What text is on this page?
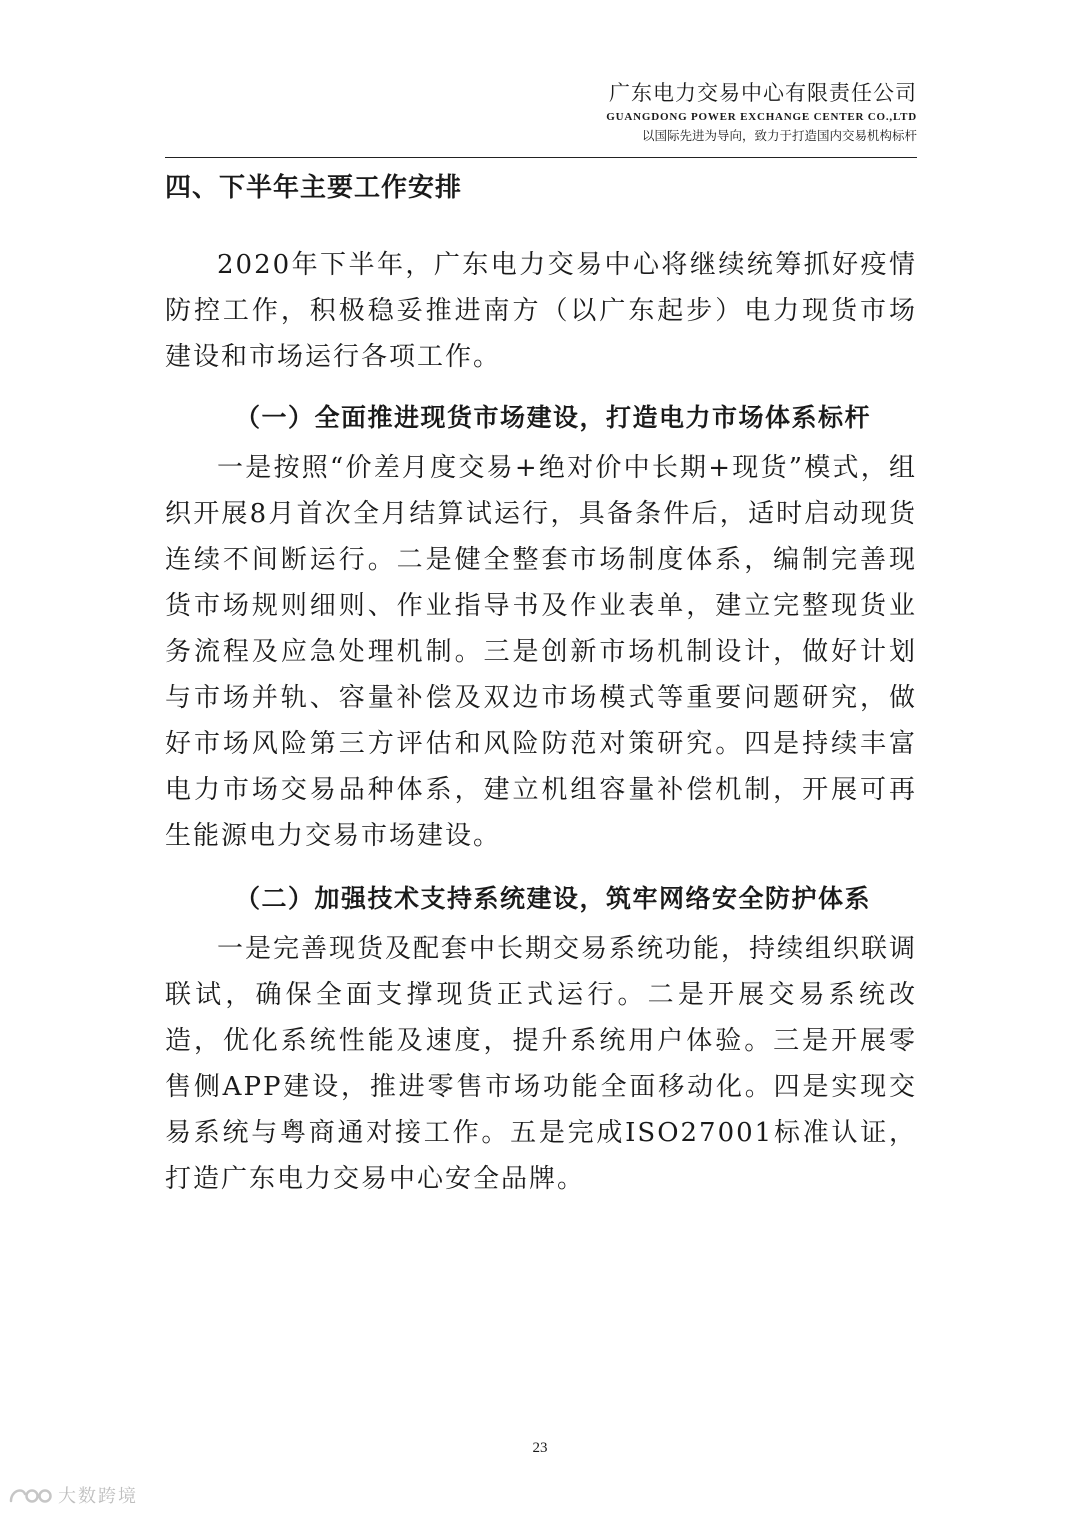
广东电力交易中心有限责任公司
GUANGDONG POWER EXCHANGE CENTER CO.,LTD
以国际先进为导向，致力于打造国内交易机构标杆
四、下半年主要工作安排

2020年下半年，广东电力交易中心将继续统筹抓好疫情防控工作，积极稳妥推进南方（以广东起步）电力现货市场建设和市场运行各项工作。

（一）全面推进现货市场建设，打造电力市场体系标杆

一是按照“价差月度交易+绝对价中长期+现货”模式，组织开展8月首次全月结算试运行，具备条件后，适时启动现货连续不间断运行。二是健全整套市场制度体系，编制完善现货市场规则细则、作业指导书及作业表单，建立完整现货业务流程及应急处理机制。三是创新市场机制设计，做好计划与市场并轨、容量补偿及双边市场模式等重要问题研究，做好市场风险第三方评估和风险防范对策研究。四是持续丰富电力市场交易品种体系，建立机组容量补偿机制，开展可再生能源电力交易市场建设。

（二）加强技术支持系统建设，筑牢网络安全防护体系

一是完善现货及配套中长期交易系统功能，持续组织联调联试，确保全面支撑现货正式运行。二是开展交易系统改造，优化系统性能及速度，提升系统用户体验。三是开展零售侧APP建设，推进零售市场功能全面移动化。四是实现交易系统与粤商通对接工作。五是完成ISO27001标准认证，打造广东电力交易中心安全品牌。

23
大数跨境
